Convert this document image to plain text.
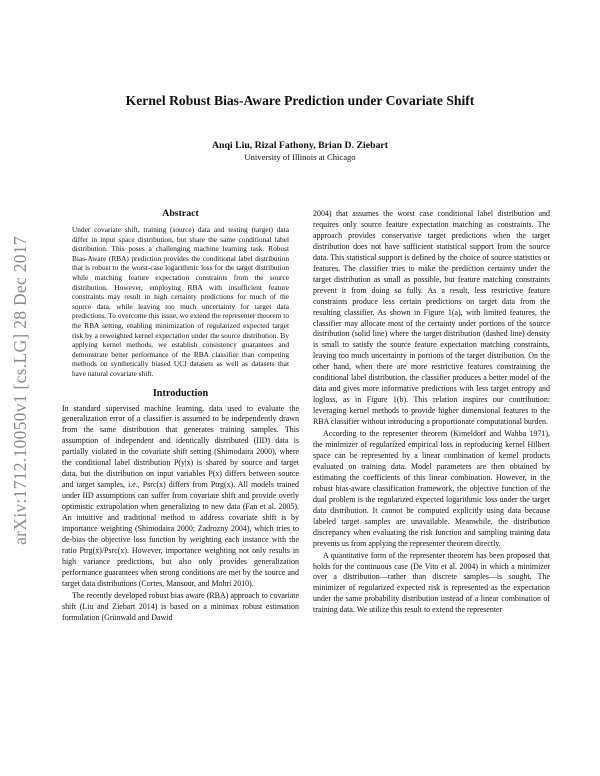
arXiv:1712.10050v1 [cs.LG] 28 Dec 2017
Kernel Robust Bias-Aware Prediction under Covariate Shift
Anqi Liu, Rizal Fathony, Brian D. Ziebart
University of Illinois at Chicago
Abstract

Under covariate shift, training (source) data and testing (target) data differ in input space distribution, but share the same conditional label distribution. This poses a challenging machine learning task. Robust Bias-Aware (RBA) prediction provides the conditional label distribution that is robust to the worst-case logarithmic loss for the target distribution while matching feature expectation constraints from the source distribution. However, employing RBA with insufficient feature constraints may result in high certainty predictions for much of the source data, while leaving too much uncertainty for target data predictions. To overcome this issue, we extend the representer theorem to the RBA setting, enabling minimization of regularized expected target risk by a reweighted kernel expectation under the source distribution. By applying kernel methods, we establish consistency guarantees and demonstrate better performance of the RBA classifier than competing methods on synthetically biased UCI datasets as well as datasets that have natural covariate shift.

Introduction

In standard supervised machine learning, data used to evaluate the generalization error of a classifier is assumed to be independently drawn from the same distribution that generates training samples. This assumption of independent and identically distributed (IID) data is partially violated in the covariate shift setting (Shimodaira 2000), where the conditional label distribution P(y|x) is shared by source and target data, but the distribution on input variables P(x) differs between source and target samples, i.e., Psrc(x) differs from Ptrg(x). All models trained under IID assumptions can suffer from covariate shift and provide overly optimistic extrapolation when generalizing to new data (Fan et al. 2005). An intuitive and traditional method to address covariate shift is by importance weighting (Shimodaira 2000; Zadrozny 2004), which tries to de-bias the objective loss function by weighting each instance with the ratio Ptrg(x)/Psrc(x). However, importance weighting not only results in high variance predictions, but also only provides generalization performance guarantees when strong conditions are met by the source and target data distributions (Cortes, Mansour, and Mohri 2010).

The recently developed robust bias aware (RBA) approach to covariate shift (Liu and Ziebart 2014) is based on a minimax robust estimation formulation (Grünwald and Dawid

2004) that assumes the worst case conditional label distribution and requires only source feature expectation matching as constraints. The approach provides conservative target predictions when the target distribution does not have sufficient statistical support from the source data. This statistical support is defined by the choice of source statistics or features. The classifier tries to make the prediction certainty under the target distribution as small as possible, but feature matching constraints prevent it from doing so fully. As a result, less restrictive feature constraints produce less certain predictions on target data from the resulting classifier. As shown in Figure 1(a), with limited features, the classifier may allocate most of the certainty under portions of the source distribution (solid line) where the target distribution (dashed line) density is small to satisfy the source feature expectation matching constraints, leaving too much uncertainty in portions of the target distribution. On the other hand, when there are more restrictive features constraining the conditional label distribution, the classifier produces a better model of the data and gives more informative predictions with less target entropy and logloss, as in Figure 1(b). This relation inspires our contribution: leveraging kernel methods to provide higher dimensional features to the RBA classifier without introducing a proportionate computational burden.

According to the representer theorem (Kimeldorf and Wahba 1971), the minimizer of regularized empirical loss in reproducing kernel Hilbert space can be represented by a linear combination of kernel products evaluated on training data. Model parameters are then obtained by estimating the coefficients of this linear combination. However, in the robust bias-aware classification framework, the objective function of the dual problem is the regularized expected logarithmic loss under the target data distribution. It cannot be computed explicitly using data because labeled target samples are unavailable. Meanwhile, the distribution discrepancy when evaluating the risk function and sampling training data prevents us from applying the representer theorem directly.

A quantitative form of the representer theorem has been proposed that holds for the continuous case (De Vito et al. 2004) in which a minimizer over a distribution—rather than discrete samples—is sought. The minimizer of regularized expected risk is represented as the expectation under the same probability distribution instead of a linear combination of training data. We utilize this result to extend the representer
